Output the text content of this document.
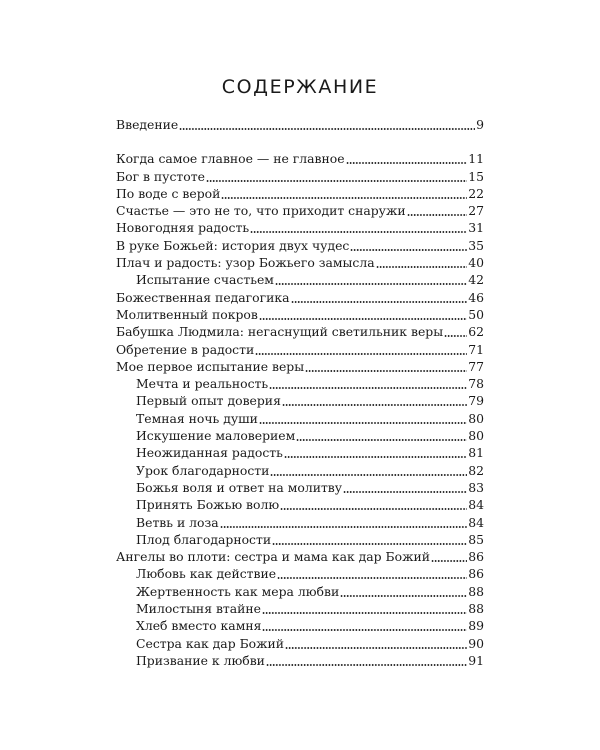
СОДЕРЖАНИЕ
Введение	9
Когда самое главное — не главное	11
Бог в пустоте	15
По воде с верой	22
Счастье — это не то, что приходит снаружи	27
Новогодняя радость	31
В руке Божьей: история двух чудес	35
Плач и радость: узор Божьего замысла	40
Испытание счастьем	42
Божественная педагогика	46
Молитвенный покров	50
Бабушка Людмила: негаснущий светильник веры 62
Обретение в радости	71
Мое первое испытание веры	77
Мечта и реальность	78
Первый опыт доверия	79
Темная ночь души	80
Искушение маловерием	80
Неожиданная радость	81
Урок благодарности	82
Божья воля и ответ на молитву	83
Принять Божью волю	84
Ветвь и лоза	84
Плод благодарности	85
Ангелы во плоти: сестра и мама как дар Божий	86
Любовь как действие	86
Жертвенность как мера любви	88
Милостыня втайне	88
Хлеб вместо камня	89
Сестра как дар Божий	90
Призвание к любви	91
